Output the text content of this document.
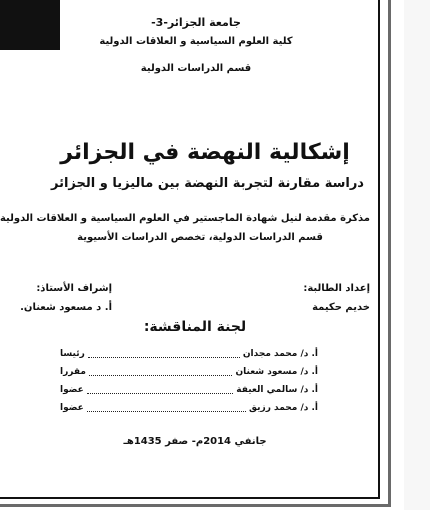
جامعة الجزائر-3-
كلية العلوم السياسية و العلاقات الدولية
قسم الدراسات الدولية
إشكالية النهضة في الجزائر
دراسة مقارنة لتجربة النهضة بين ماليزيا و الجزائر
مذكرة مقدمة لنيل شهادة الماجستير في العلوم السياسية و العلاقات الدولية
قسم الدراسات الدولية، تخصص الدراسات الأسيوية
إعداد الطالبة:
خديم حكيمة
إشراف الأستاذ:
أ. د مسعود شعنان.
لجنة المناقشة:
أ. د/ محمد مجدان
رئيسا
أ. د/ مسعود شعنان
مقررا
أ. د/ سالمي العيفة
عضوا
أ. د/ محمد رزيق
عضوا
جانفي 2014م- صفر 1435هـ
